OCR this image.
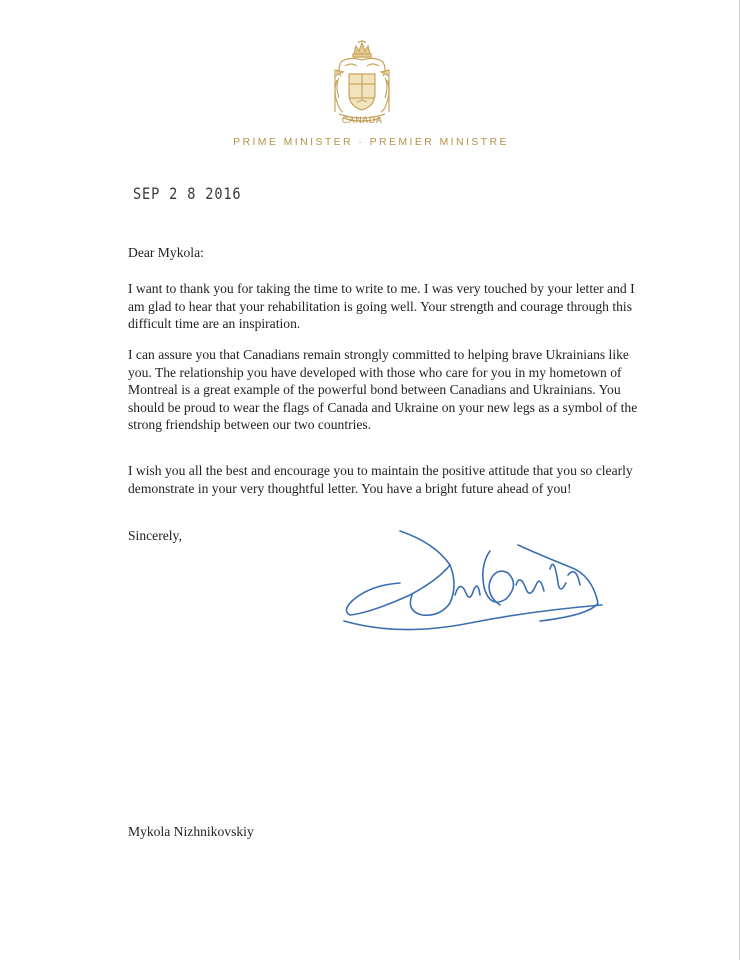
CANADA
PRIME MINISTER · PREMIER MINISTRE
SEP 2 8 2016
Dear Mykola:
I want to thank you for taking the time to write to me. I was very touched by your letter and I am glad to hear that your rehabilitation is going well. Your strength and courage through this difficult time are an inspiration.
I can assure you that Canadians remain strongly committed to helping brave Ukrainians like you. The relationship you have developed with those who care for you in my hometown of Montreal is a great example of the powerful bond between Canadians and Ukrainians. You should be proud to wear the flags of Canada and Ukraine on your new legs as a symbol of the strong friendship between our two countries.
I wish you all the best and encourage you to maintain the positive attitude that you so clearly demonstrate in your very thoughtful letter. You have a bright future ahead of you!
Sincerely,
Mykola Nizhnikovskiy
